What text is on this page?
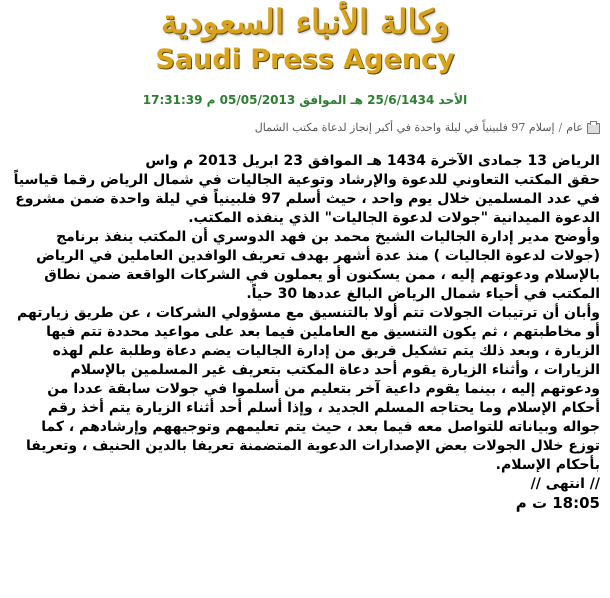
وكالة الأنباء السعودية
Saudi Press Agency
الأحد 25/6/1434 هـ الموافق 05/05/2013 م 17:31:39
عام
/
إسلام 97 فلبينياً في ليلة واحدة في أكبر إنجاز لدعاة مكتب الشمال

الرياض 13 جمادى الآخرة 1434 هـ الموافق 23 ابريل 2013 م واس

حقق المكتب التعاوني للدعوة والإرشاد وتوعية الجاليات في شمال الرياض رقما قياسياً في عدد المسلمين خلال يوم واحد ، حيث أسلم 97 فلبينياً في ليلة واحدة ضمن مشروع الدعوة الميدانية "جولات لدعوة الجاليات" الذي ينفذه المكتب.

وأوضح مدير إدارة الجاليات الشيخ محمد بن فهد الدوسري أن المكتب ينفذ برنامج (جولات لدعوة الجاليات ) منذ عدة أشهر بهدف تعريف الوافدين العاملين في الرياض بالإسلام ودعوتهم إليه ، ممن يسكنون أو يعملون في الشركات الواقعة ضمن نطاق المكتب في أحياء شمال الرياض البالغ عددها 30 حياً.

وأبان أن ترتيبات الجولات تتم أولا بالتنسيق مع مسؤولي الشركات ، عن طريق زيارتهم أو مخاطبتهم ، ثم يكون التنسيق مع العاملين فيما بعد على مواعيد محددة تتم فيها الزيارة ، وبعد ذلك يتم تشكيل فريق من إدارة الجاليات يضم دعاة وطلبة علم لهذه الزيارات ، وأثناء الزيارة يقوم أحد دعاة المكتب بتعريف غير المسلمين بالإسلام ودعوتهم إليه ، بينما يقوم داعية آخر بتعليم من أسلموا في جولات سابقة عددا من أحكام الإسلام وما يحتاجه المسلم الجديد ، وإذا أسلم أحد أثناء الزيارة يتم أخذ رقم جواله وبياناته للتواصل معه فيما بعد ، حيث يتم تعليمهم وتوجيههم وإرشادهم ، كما توزع خلال الجولات بعض الإصدارات الدعوية المتضمنة تعريفا بالدين الحنيف ، وتعريفا بأحكام الإسلام.

// انتهى //

18:05 ت م
